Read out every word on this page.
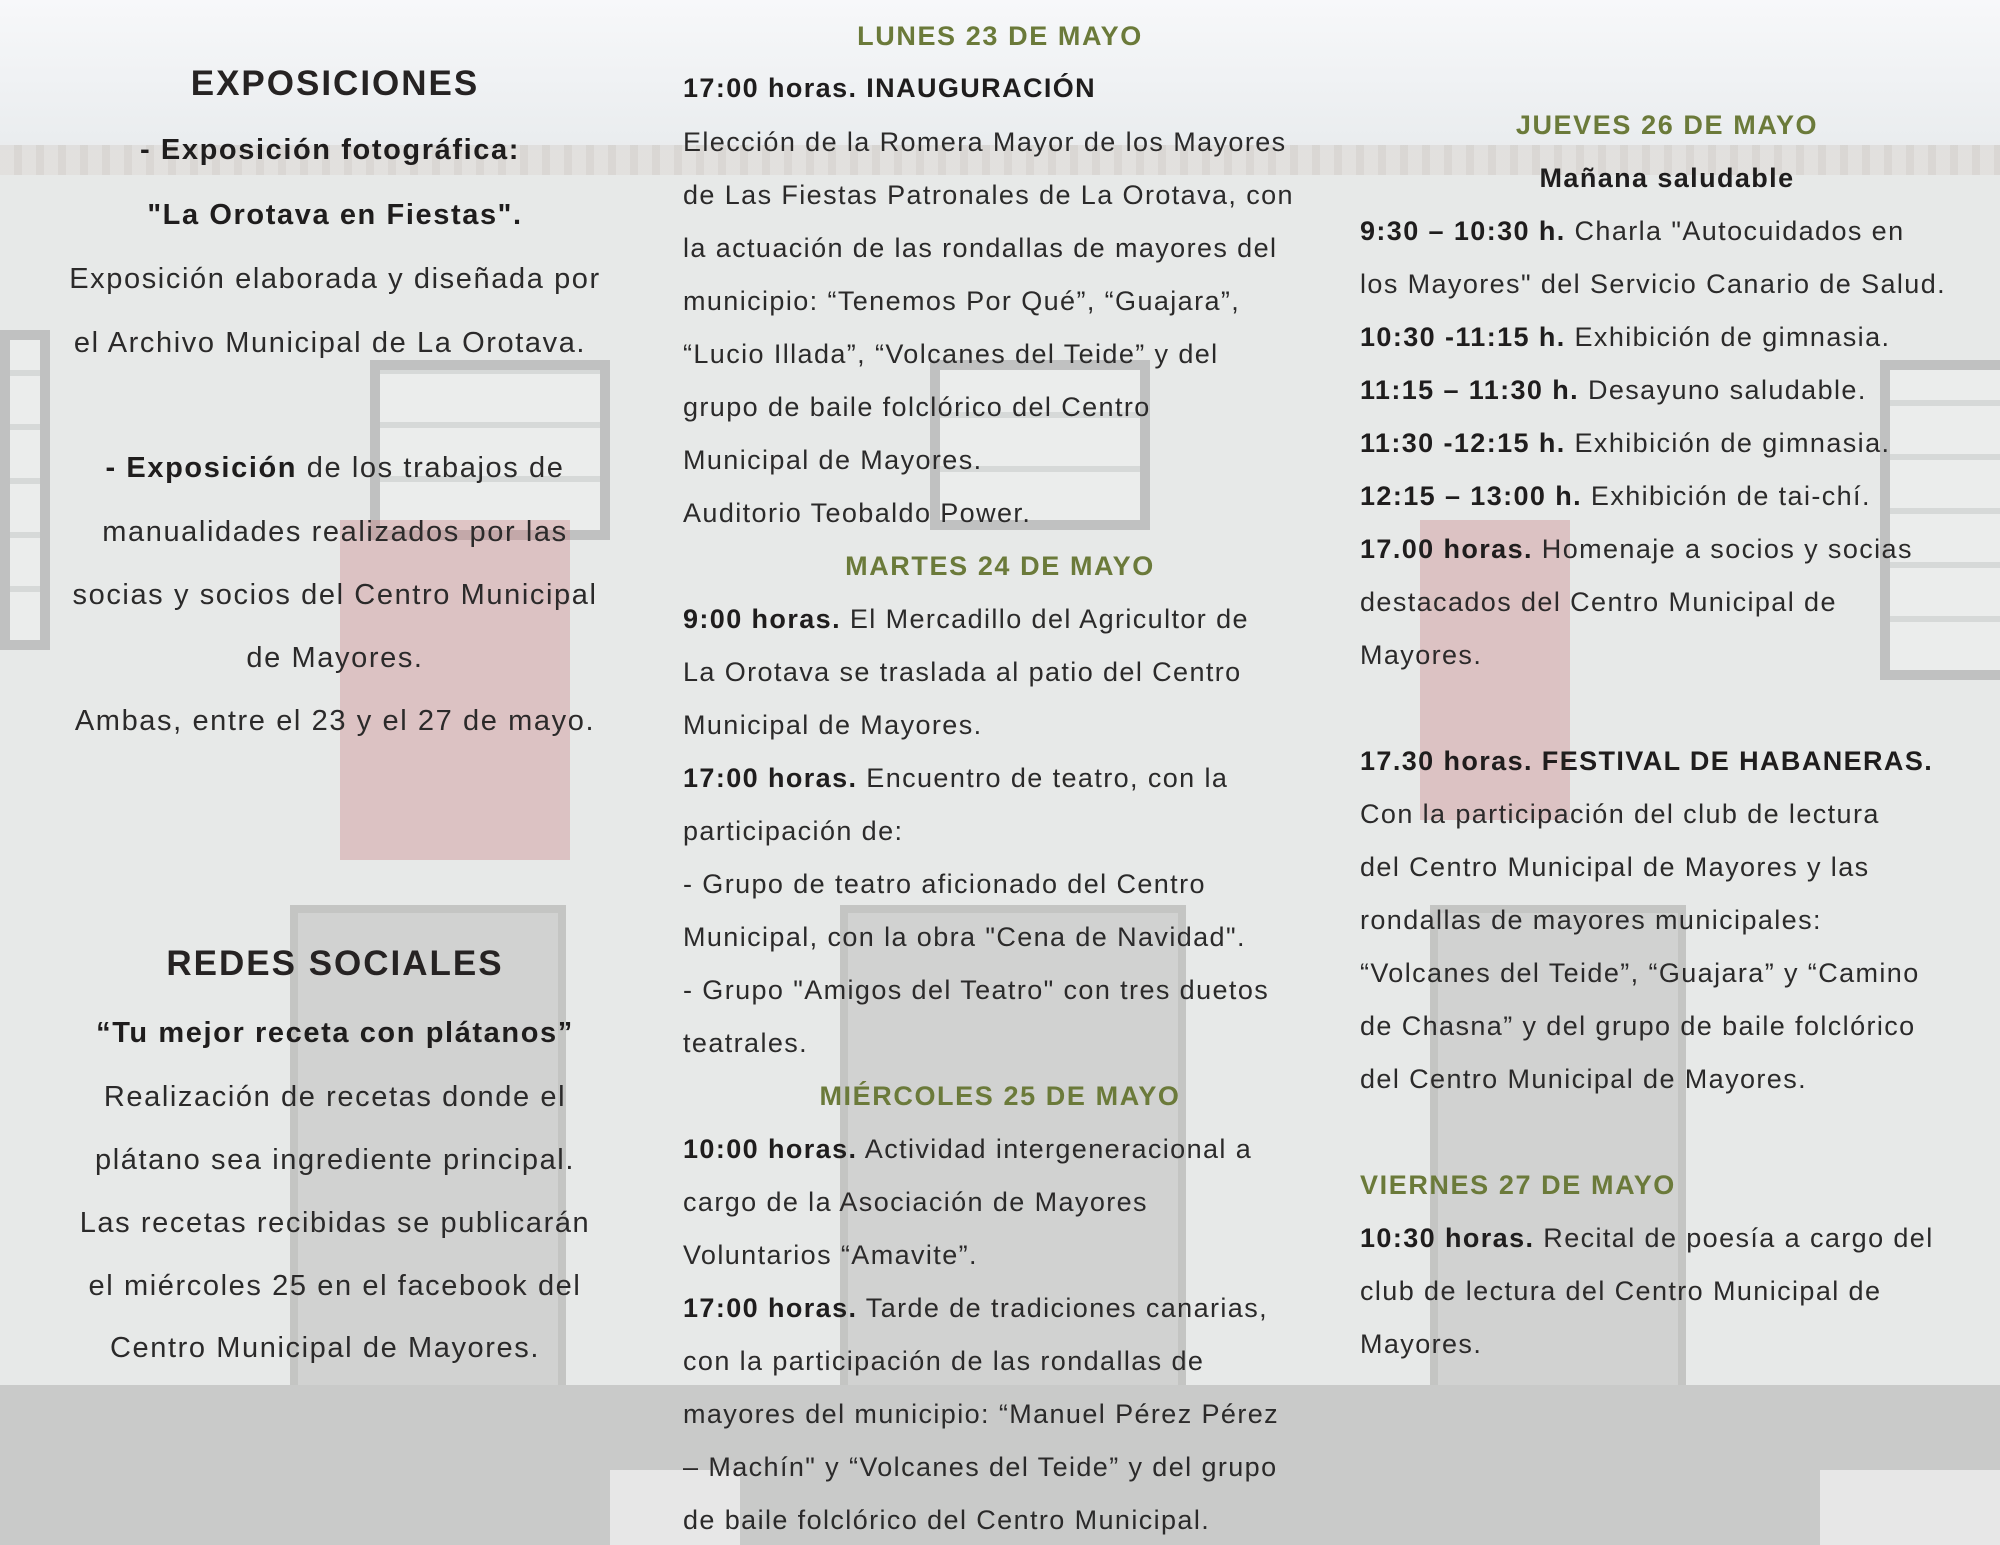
EXPOSICIONES
- Exposición fotográfica:
"La Orotava en Fiestas".
Exposición elaborada y diseñada por
el Archivo Municipal de La Orotava.
- Exposición de los trabajos de
manualidades realizados por las
socias y socios del Centro Municipal
de Mayores.
Ambas, entre el 23 y el 27 de mayo.
REDES SOCIALES
“Tu mejor receta con plátanos”
Realización de recetas donde el
plátano sea ingrediente principal.
Las recetas recibidas se publicarán
el miércoles 25 en el facebook del
Centro Municipal de Mayores.
LUNES 23 DE MAYO
17:00 horas. INAUGURACIÓN
Elección de la Romera Mayor de los Mayores
de Las Fiestas Patronales de La Orotava, con
la actuación de las rondallas de mayores del
municipio: “Tenemos Por Qué”, “Guajara”,
“Lucio Illada”, “Volcanes del Teide” y del
grupo de baile folclórico del Centro
Municipal de Mayores.
Auditorio Teobaldo Power.
MARTES 24 DE MAYO
9:00 horas. El Mercadillo del Agricultor de
La Orotava se traslada al patio del Centro
Municipal de Mayores.
17:00 horas. Encuentro de teatro, con la
participación de:
- Grupo de teatro aficionado del Centro
Municipal, con la obra "Cena de Navidad".
- Grupo "Amigos del Teatro" con tres duetos
teatrales.
MIÉRCOLES 25 DE MAYO
10:00 horas. Actividad intergeneracional a
cargo de la Asociación de Mayores
Voluntarios “Amavite”.
17:00 horas. Tarde de tradiciones canarias,
con la participación de las rondallas de
mayores del municipio: “Manuel Pérez Pérez
– Machín" y “Volcanes del Teide” y del grupo
de baile folclórico del Centro Municipal.
JUEVES 26 DE MAYO
Mañana saludable
9:30 – 10:30 h. Charla "Autocuidados en
los Mayores" del Servicio Canario de Salud.
10:30 -11:15 h. Exhibición de gimnasia.
11:15 – 11:30 h. Desayuno saludable.
11:30 -12:15 h. Exhibición de gimnasia.
12:15 – 13:00 h. Exhibición de tai-chí.
17.00 horas. Homenaje a socios y socias
destacados del Centro Municipal de
Mayores.
17.30 horas. FESTIVAL DE HABANERAS.
Con la participación del club de lectura
del Centro Municipal de Mayores y las
rondallas de mayores municipales:
“Volcanes del Teide”, “Guajara” y “Camino
de Chasna” y del grupo de baile folclórico
del Centro Municipal de Mayores.
VIERNES 27 DE MAYO
10:30 horas. Recital de poesía a cargo del
club de lectura del Centro Municipal de
Mayores.
